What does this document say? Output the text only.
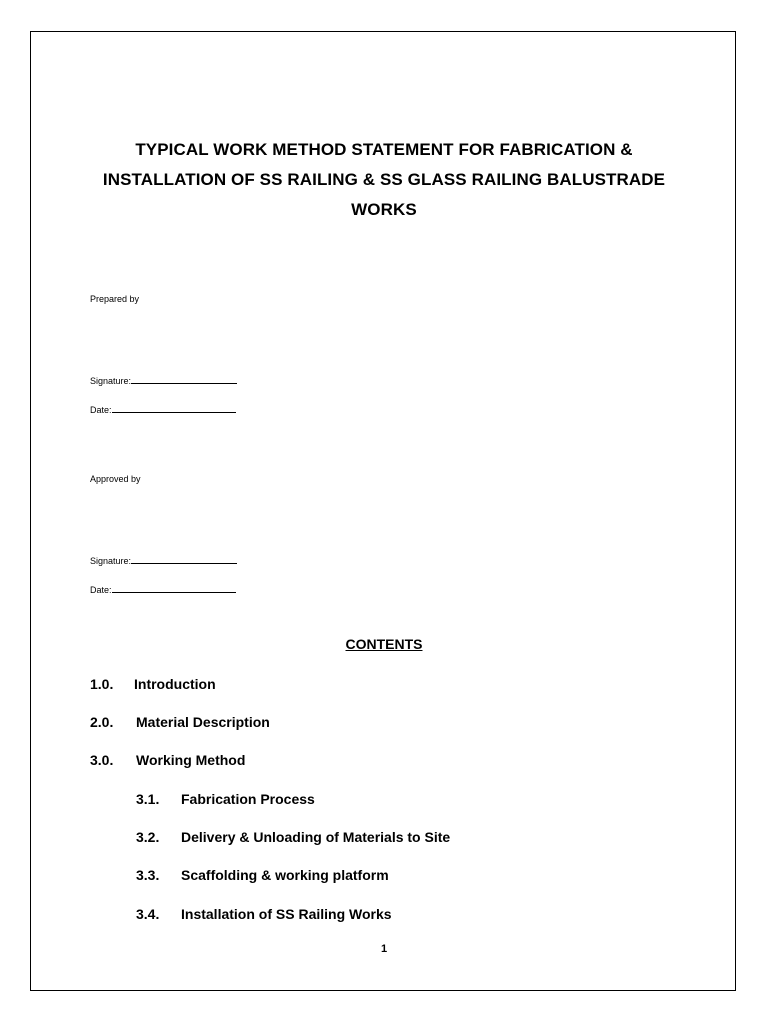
TYPICAL WORK METHOD STATEMENT FOR FABRICATION &
INSTALLATION OF SS RAILING & SS GLASS RAILING BALUSTRADE
WORKS
Prepared by
Signature:
Date:
Approved by
Signature:
Date:
CONTENTS
1.0. Introduction
2.0. Material Description
3.0. Working Method
3.1. Fabrication Process
3.2. Delivery & Unloading of Materials to Site
3.3. Scaffolding & working platform
3.4. Installation of SS Railing Works
1
